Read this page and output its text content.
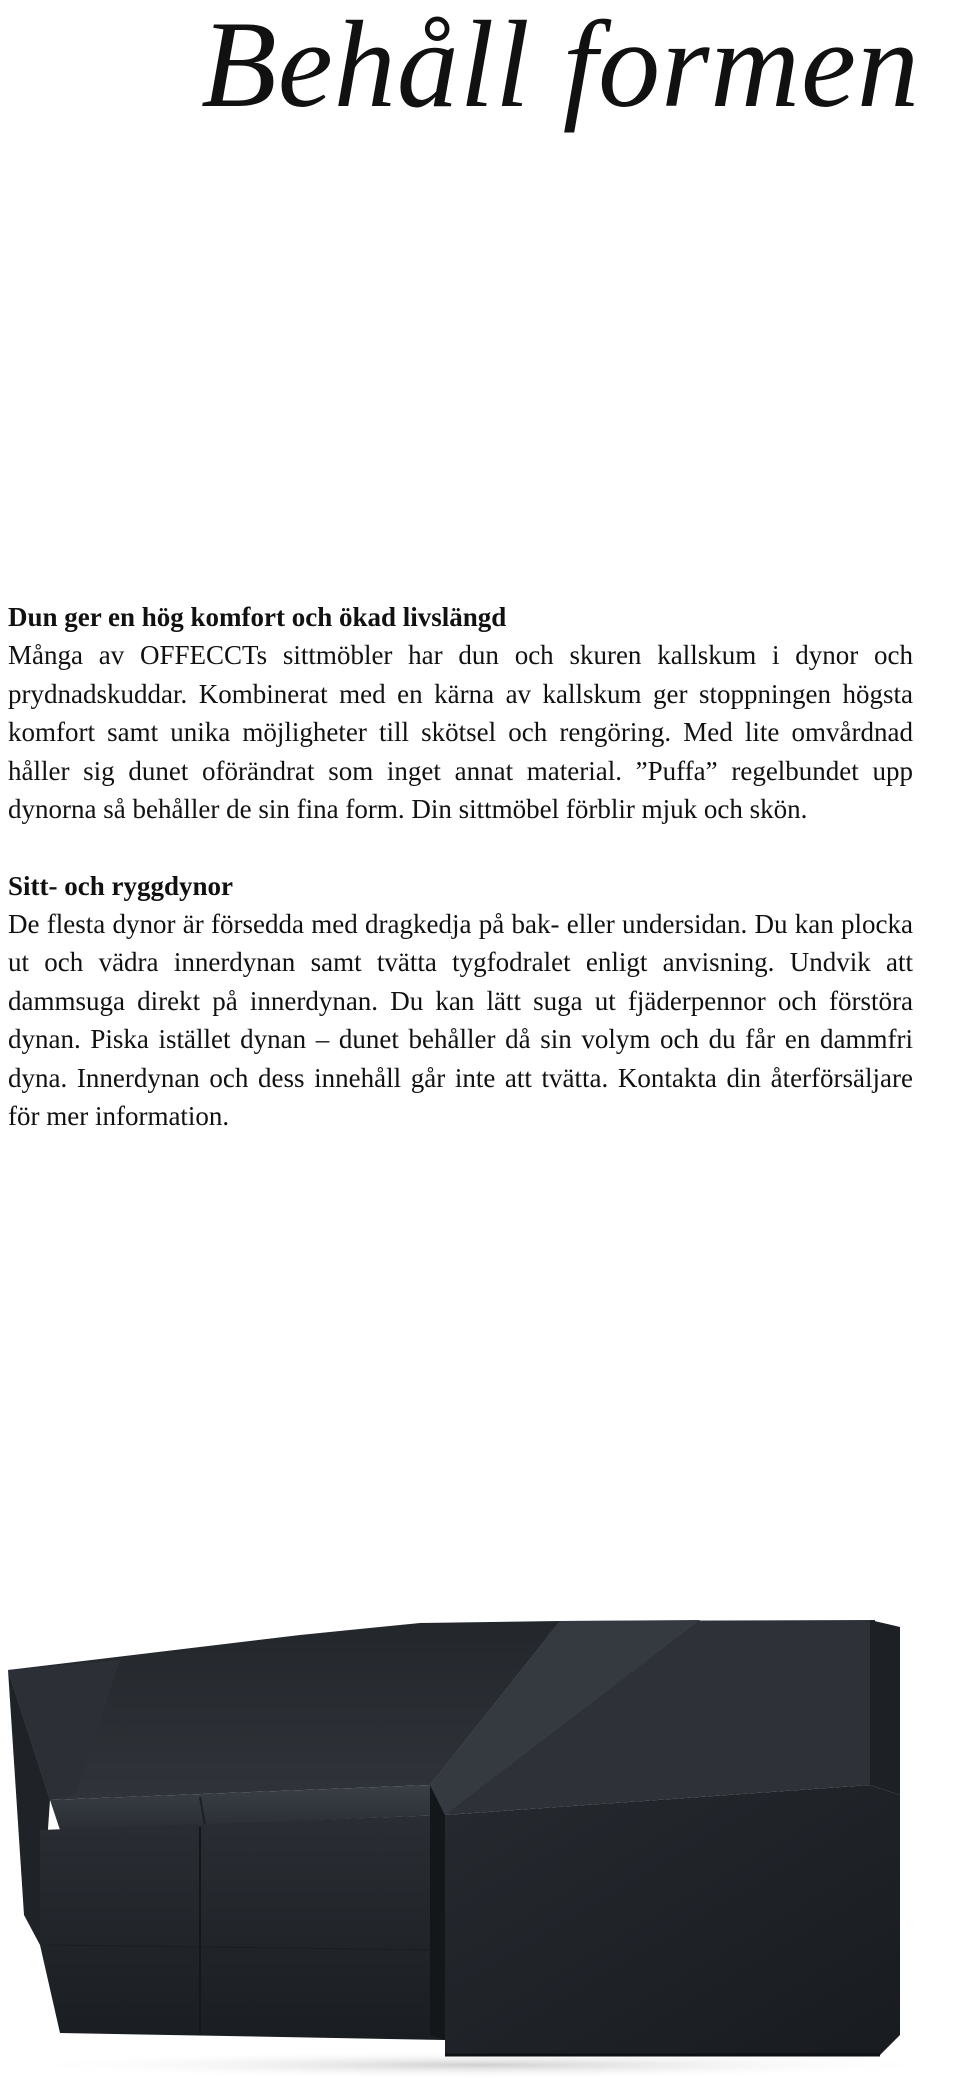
Behåll formen
Dun ger en hög komfort och ökad livslängd

Många av OFFECCTs sittmöbler har dun och skuren kallskum i dynor och prydnadskuddar. Kombinerat med en kärna av kallskum ger stoppningen högsta komfort samt unika möjligheter till skötsel och rengöring. Med lite omvårdnad håller sig dunet oförändrat som inget annat material. ”Puffa” regelbundet upp dynorna så behåller de sin fina form. Din sittmöbel förblir mjuk och skön.

Sitt- och ryggdynor

De flesta dynor är försedda med dragkedja på bak- eller undersidan. Du kan plocka ut och vädra innerdynan samt tvätta tygfodralet enligt anvisning. Undvik att dammsuga direkt på innerdynan. Du kan lätt suga ut fjäderpennor och förstöra dynan. Piska istället dynan – dunet behåller då sin volym och du får en dammfri dyna. Innerdynan och dess innehåll går inte att tvätta. Kontakta din återförsäljare för mer information.
